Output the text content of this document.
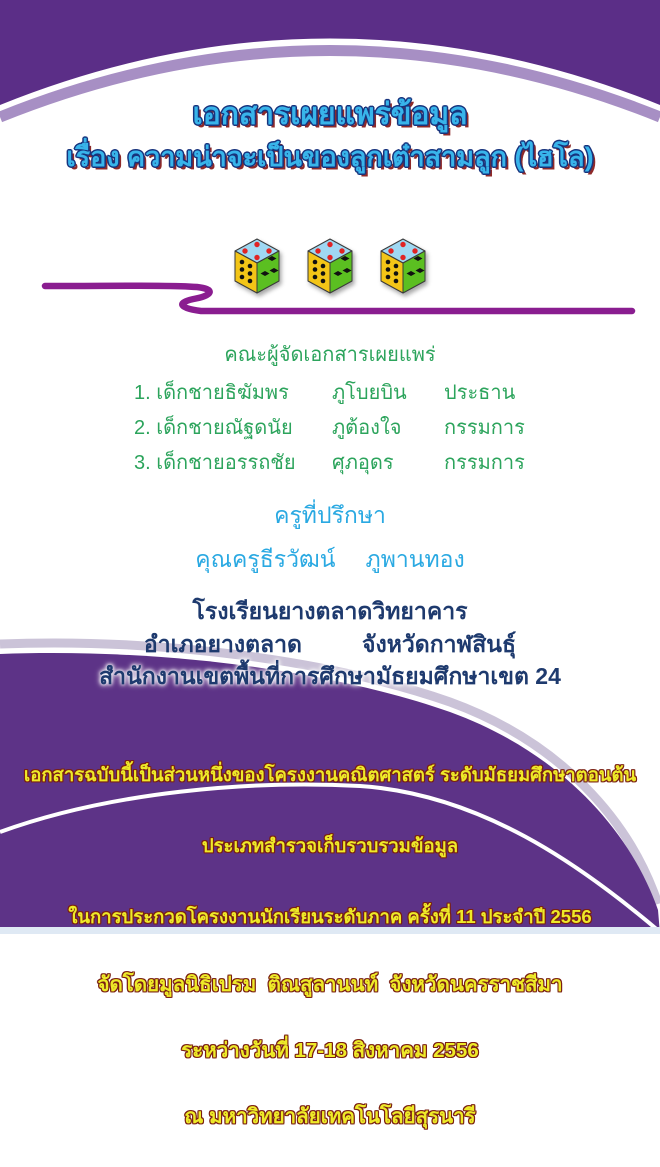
เอกสารเผยแพร่ข้อมูล
เรื่อง ความน่าจะเป็นของลูกเต๋าสามลูก (ไฮโล)
คณะผู้จัดเอกสารเผยแพร่
1. เด็กชายธิฆัมพร	ภูโบยบิน	ประธาน
2. เด็กชายณัฐดนัย	ภูต้องใจ	กรรมการ
3. เด็กชายอรรถชัย	ศุภอุดร	กรรมการ
ครูที่ปรึกษา
คุณครูธีรวัฒน์ ภูพานทอง
โรงเรียนยางตลาดวิทยาคาร
อำเภอยางตลาด	จังหวัดกาฬสินธุ์
สำนักงานเขตพื้นที่การศึกษามัธยมศึกษาเขต 24

เอกสารฉบับนี้เป็นส่วนหนึ่งของโครงงานคณิตศาสตร์ ระดับมัธยมศึกษาตอนต้น

ประเภทสำรวจเก็บรวบรวมข้อมูล

ในการประกวดโครงงานนักเรียนระดับภาค ครั้งที่ 11 ประจำปี 2556

จัดโดยมูลนิธิเปรม  ติณสูลานนท์  จังหวัดนครราชสีมา

ระหว่างวันที่ 17-18 สิงหาคม 2556

ณ มหาวิทยาลัยเทคโนโลยีสุรนารี
